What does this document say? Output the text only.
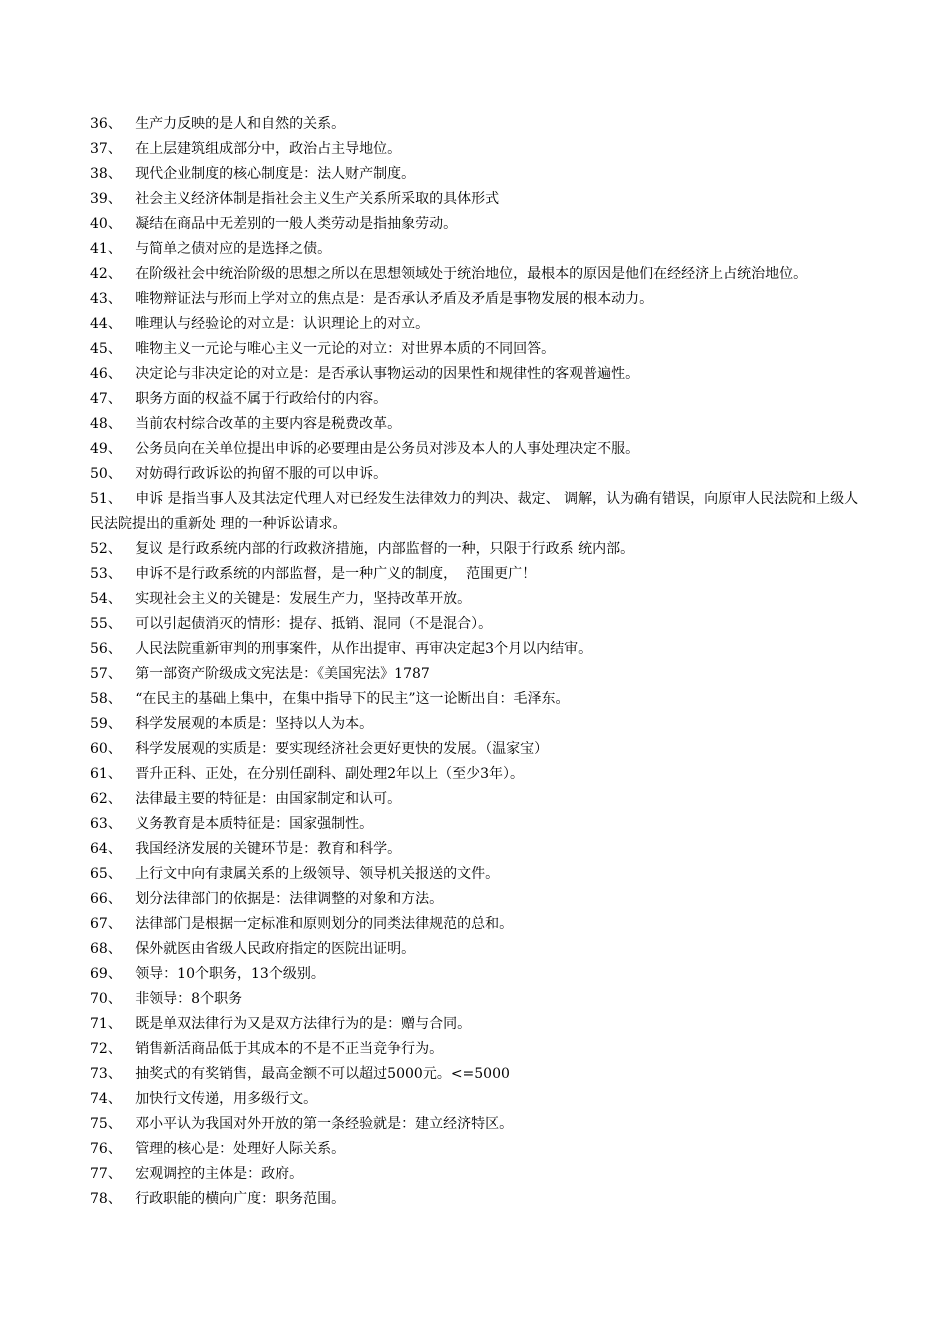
36、 生产力反映的是人和自然的关系。
37、 在上层建筑组成部分中，政治占主导地位。
38、 现代企业制度的核心制度是：法人财产制度。
39、 社会主义经济体制是指社会主义生产关系所采取的具体形式
40、 凝结在商品中无差别的一般人类劳动是指抽象劳动。
41、 与简单之债对应的是选择之债。
42、 在阶级社会中统治阶级的思想之所以在思想领域处于统治地位，最根本的原因是他们在经经济上占统治地位。
43、 唯物辩证法与形而上学对立的焦点是：是否承认矛盾及矛盾是事物发展的根本动力。
44、 唯理认与经验论的对立是：认识理论上的对立。
45、 唯物主义一元论与唯心主义一元论的对立：对世界本质的不同回答。
46、 决定论与非决定论的对立是：是否承认事物运动的因果性和规律性的客观普遍性。
47、 职务方面的权益不属于行政给付的内容。
48、 当前农村综合改革的主要内容是税费改革。
49、 公务员向在关单位提出申诉的必要理由是公务员对涉及本人的人事处理决定不服。
50、 对妨碍行政诉讼的拘留不服的可以申诉。
51、 申诉 是指当事人及其法定代理人对已经发生法律效力的判决、裁定、 调解，认为确有错误，向原审人民法院和上级人民法院提出的重新处 理的一种诉讼请求。
52、 复议 是行政系统内部的行政救济措施，内部监督的一种，只限于行政系 统内部。
53、 申诉不是行政系统的内部监督，是一种广义的制度，  范围更广！
54、 实现社会主义的关键是：发展生产力，坚持改革开放。
55、 可以引起债消灭的情形：提存、抵销、混同（不是混合）。
56、 人民法院重新审判的刑事案件，从作出提审、再审决定起3个月以内结审。
57、 第一部资产阶级成文宪法是：《美国宪法》1787
58、 “在民主的基础上集中，在集中指导下的民主”这一论断出自：毛泽东。
59、 科学发展观的本质是：坚持以人为本。
60、 科学发展观的实质是：要实现经济社会更好更快的发展。（温家宝）
61、 晋升正科、正处，在分别任副科、副处理2年以上（至少3年）。
62、 法律最主要的特征是：由国家制定和认可。
63、 义务教育是本质特征是：国家强制性。
64、 我国经济发展的关键环节是：教育和科学。
65、 上行文中向有隶属关系的上级领导、领导机关报送的文件。
66、 划分法律部门的依据是：法律调整的对象和方法。
67、 法律部门是根据一定标准和原则划分的同类法律规范的总和。
68、 保外就医由省级人民政府指定的医院出证明。
69、 领导：10个职务，13个级别。
70、 非领导：8个职务
71、 既是单双法律行为又是双方法律行为的是：赠与合同。
72、 销售新活商品低于其成本的不是不正当竞争行为。
73、 抽奖式的有奖销售，最高金额不可以超过5000元。<=5000
74、 加快行文传递，用多级行文。
75、 邓小平认为我国对外开放的第一条经验就是：建立经济特区。
76、 管理的核心是：处理好人际关系。
77、 宏观调控的主体是：政府。
78、 行政职能的横向广度：职务范围。
